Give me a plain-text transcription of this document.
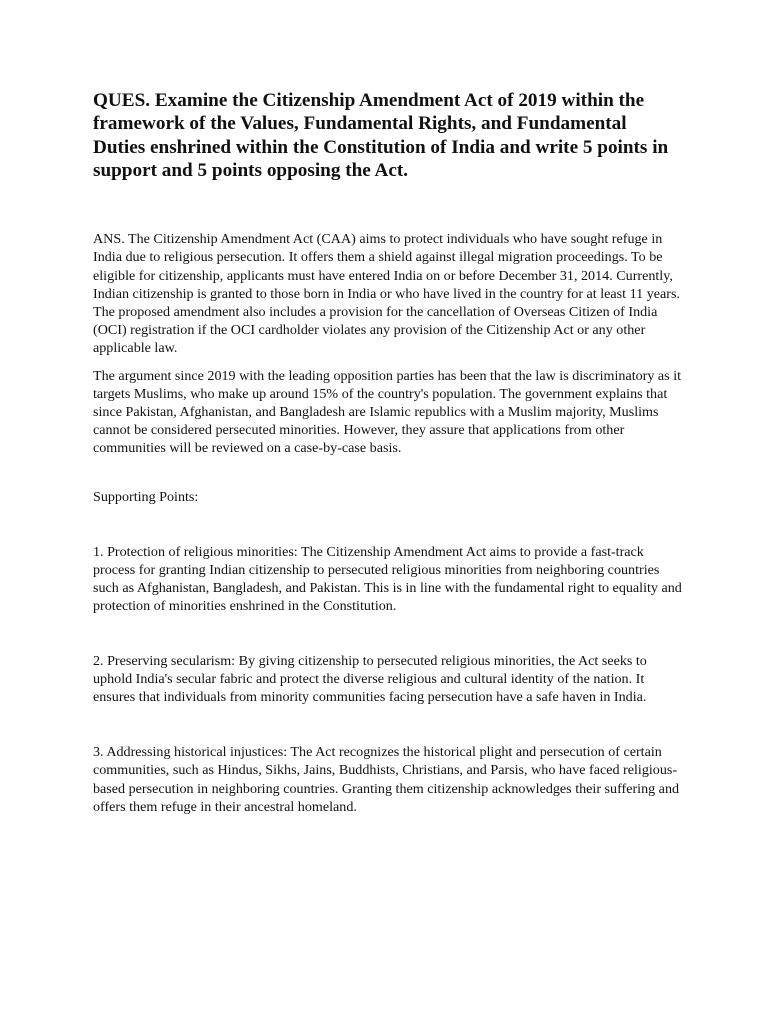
QUES. Examine the Citizenship Amendment Act of 2019 within the framework of the Values, Fundamental Rights, and Fundamental Duties enshrined within the Constitution of India and write 5 points in support and 5 points opposing the Act.

ANS. The Citizenship Amendment Act (CAA) aims to protect individuals who have sought refuge in India due to religious persecution. It offers them a shield against illegal migration proceedings. To be eligible for citizenship, applicants must have entered India on or before December 31, 2014. Currently, Indian citizenship is granted to those born in India or who have lived in the country for at least 11 years. The proposed amendment also includes a provision for the cancellation of Overseas Citizen of India (OCI) registration if the OCI cardholder violates any provision of the Citizenship Act or any other applicable law.

The argument since 2019 with the leading opposition parties has been that the law is discriminatory as it targets Muslims, who make up around 15% of the country's population. The government explains that since Pakistan, Afghanistan, and Bangladesh are Islamic republics with a Muslim majority, Muslims cannot be considered persecuted minorities. However, they assure that applications from other communities will be reviewed on a case-by-case basis.

Supporting Points:

1. Protection of religious minorities: The Citizenship Amendment Act aims to provide a fast-track process for granting Indian citizenship to persecuted religious minorities from neighboring countries such as Afghanistan, Bangladesh, and Pakistan. This is in line with the fundamental right to equality and protection of minorities enshrined in the Constitution.

2. Preserving secularism: By giving citizenship to persecuted religious minorities, the Act seeks to uphold India's secular fabric and protect the diverse religious and cultural identity of the nation. It ensures that individuals from minority communities facing persecution have a safe haven in India.

3. Addressing historical injustices: The Act recognizes the historical plight and persecution of certain communities, such as Hindus, Sikhs, Jains, Buddhists, Christians, and Parsis, who have faced religious-based persecution in neighboring countries. Granting them citizenship acknowledges their suffering and offers them refuge in their ancestral homeland.
